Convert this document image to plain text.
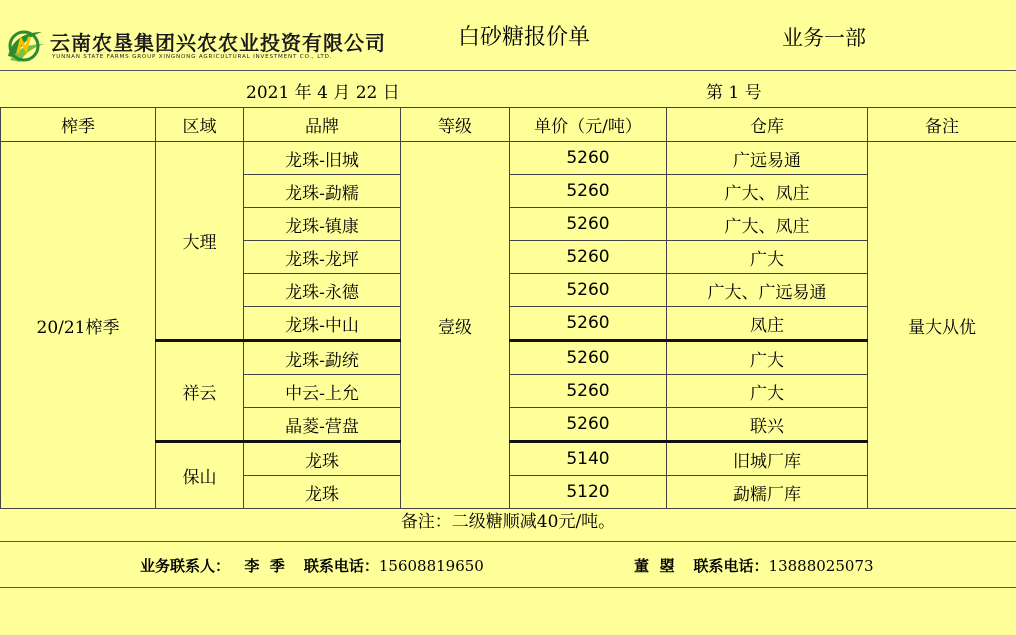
云南农垦集团兴农农业投资有限公司
YUNNAN STATE FARMS GROUP XINGNONG AGRICULTURAL INVESTMENT CO., LTD.
白砂糖报价单	业务一部
2021 年 4 月 22 日	第 1 号
榨季	区域	品牌	等级	单价（元/吨）	仓库	备注
20/21榨季	大理	龙珠-旧城	壹级	5260	广远易通	量大从优
		龙珠-勐糯		5260	广大、凤庄	
		龙珠-镇康		5260	广大、凤庄	
		龙珠-龙坪		5260	广大	
		龙珠-永德		5260	广大、广远易通	
		龙珠-中山		5260	凤庄	
	祥云	龙珠-勐统		5260	广大	
		中云-上允		5260	广大	
		晶菱-营盘		5260	联兴	
	保山	龙珠		5140	旧城厂库	
		龙珠		5120	勐糯厂库	
备注：二级糖顺减40元/吨。
业务联系人： 李  季 联系电话：15608819650	董  曌 联系电话：13888025073
